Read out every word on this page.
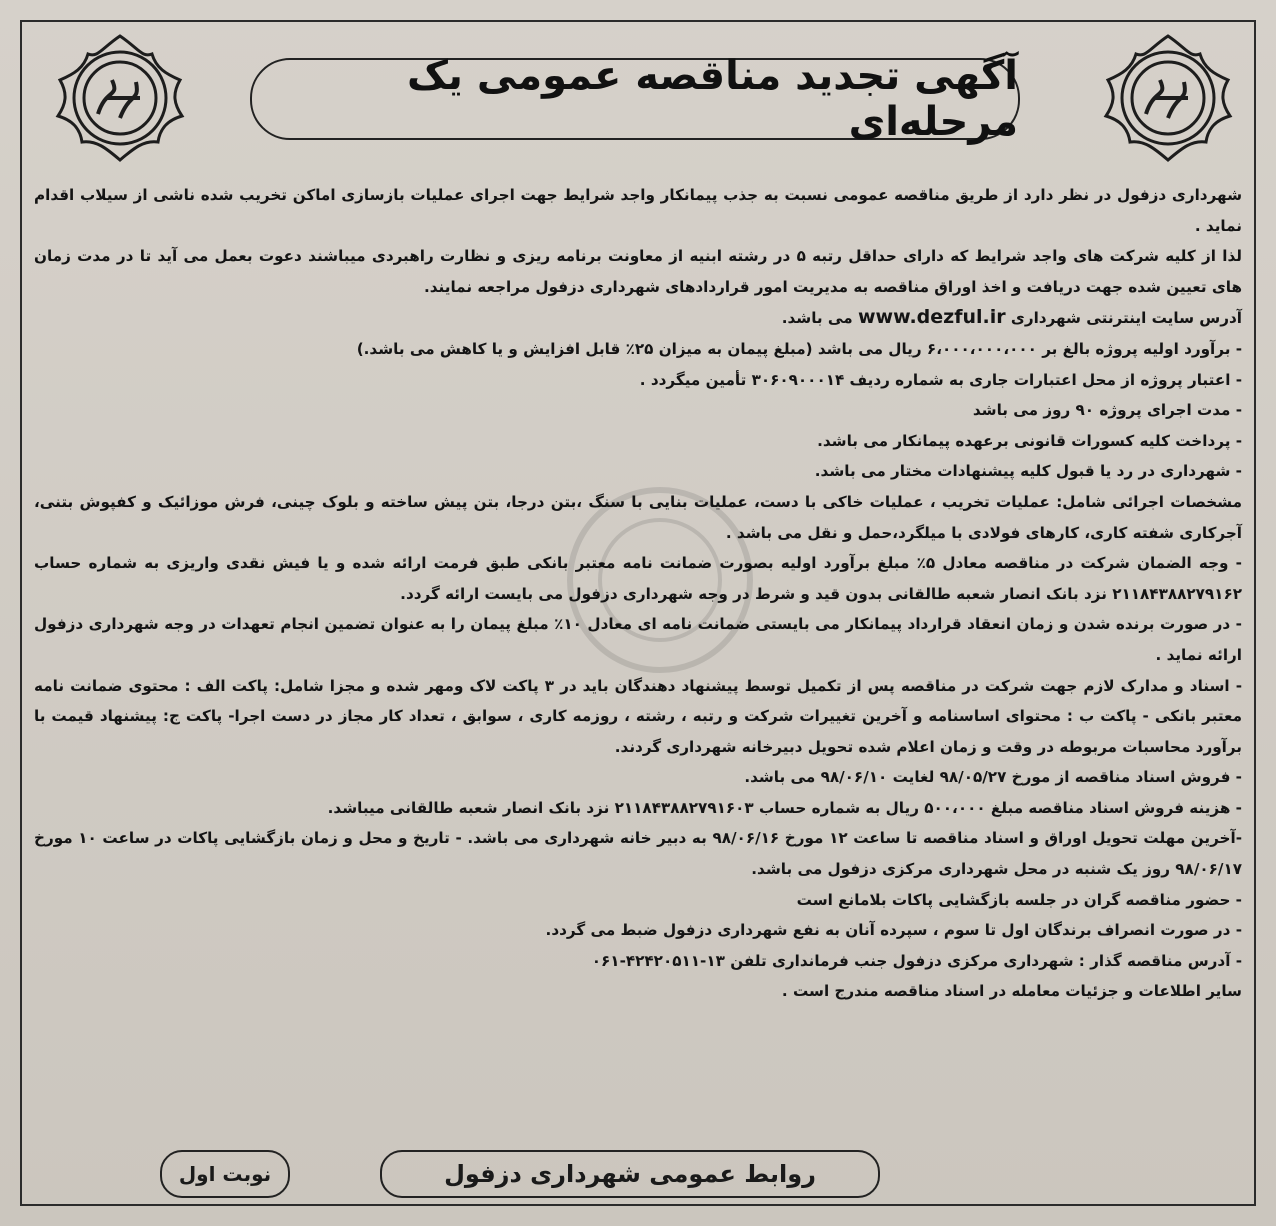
آگهی تجدید مناقصه عمومی یک مرحله‌ای

شهرداری دزفول در نظر دارد از طریق مناقصه عمومی نسبت به جذب پیمانکار واجد شرایط جهت اجرای عملیات بازسازی اماکن تخریب شده ناشی از سیلاب اقدام نماید .

لذا از کلیه شرکت های واجد شرایط که دارای حداقل رتبه ۵ در رشته ابنیه از معاونت برنامه ریزی و نظارت راهبردی میباشند دعوت بعمل می آید تا در مدت زمان های تعیین شده جهت دریافت و اخذ اوراق مناقصه به مدیریت امور قراردادهای شهرداری دزفول مراجعه نمایند.

آدرس سایت اینترنتی شهرداری www.dezful.ir می باشد.

- برآورد اولیه پروژه بالغ بر ۶،۰۰۰،۰۰۰،۰۰۰ ریال می باشد (مبلغ پیمان به میزان ۲۵٪ قابل افزایش و یا کاهش می باشد.)

- اعتبار پروژه از محل اعتبارات جاری به شماره ردیف ۳۰۶۰۹۰۰۰۱۴ تأمین میگردد .

- مدت اجرای پروژه ۹۰ روز می باشد

- پرداخت کلیه کسورات قانونی برعهده پیمانکار می باشد.

- شهرداری در رد یا قبول کلیه پیشنهادات مختار می باشد.

مشخصات اجرائی شامل: عملیات تخریب ، عملیات خاکی با دست، عملیات بنایی با سنگ ،بتن درجا، بتن پیش ساخته و بلوک چینی، فرش موزائیک و کفپوش بتنی، آجرکاری شفته کاری، کارهای فولادی با میلگرد،حمل و نقل می باشد .

- وجه الضمان شرکت در مناقصه معادل ۵٪ مبلغ برآورد اولیه بصورت ضمانت نامه معتبر بانکی طبق فرمت ارائه شده و یا فیش نقدی واریزی به شماره حساب ۲۱۱۸۴۳۸۸۲۷۹۱۶۲ نزد بانک انصار شعبه طالقانی بدون قید و شرط در وجه شهرداری دزفول می بایست ارائه گردد.

- در صورت برنده شدن و زمان انعقاد قرارداد پیمانکار می بایستی ضمانت نامه ای معادل ۱۰٪ مبلغ پیمان را به عنوان تضمین انجام تعهدات در وجه شهرداری دزفول ارائه نماید .

- اسناد و مدارک لازم جهت شرکت در مناقصه پس از تکمیل توسط پیشنهاد دهندگان باید در ۳ پاکت لاک ومهر شده و مجزا شامل: پاکت الف : محتوی ضمانت نامه معتبر بانکی - پاکت ب : محتوای اساسنامه و آخرین تغییرات شرکت و رتبه ، رشته ، روزمه کاری ، سوابق ، تعداد کار مجاز در دست اجرا- پاکت ج: پیشنهاد قیمت با برآورد محاسبات مربوطه در وقت و زمان اعلام شده تحویل دبیرخانه شهرداری گردند.

- فروش اسناد مناقصه از مورخ ۹۸/۰۵/۲۷ لغایت ۹۸/۰۶/۱۰ می باشد.

- هزینه فروش اسناد مناقصه مبلغ ۵۰۰،۰۰۰ ریال به شماره حساب ۲۱۱۸۴۳۸۸۲۷۹۱۶۰۳ نزد بانک انصار شعبه طالقانی میباشد.

-آخرین مهلت تحویل اوراق و اسناد مناقصه تا ساعت ۱۲ مورخ ۹۸/۰۶/۱۶ به دبیر خانه شهرداری می باشد. - تاریخ و محل و زمان بازگشایی پاکات در ساعت ۱۰ مورخ ۹۸/۰۶/۱۷ روز یک شنبه در محل شهرداری مرکزی دزفول می باشد.

- حضور مناقصه گران در جلسه بازگشایی پاکات بلامانع است

- در صورت انصراف برندگان اول تا سوم ، سپرده آنان به نفع شهرداری دزفول ضبط می گردد.

- آدرس مناقصه گذار : شهرداری مرکزی دزفول جنب فرمانداری تلفن ۱۳-۴۲۴۲۰۵۱۱-۰۶۱

سایر اطلاعات و جزئیات معامله در اسناد مناقصه مندرج است .

روابط عمومی شهرداری دزفول
نوبت اول
